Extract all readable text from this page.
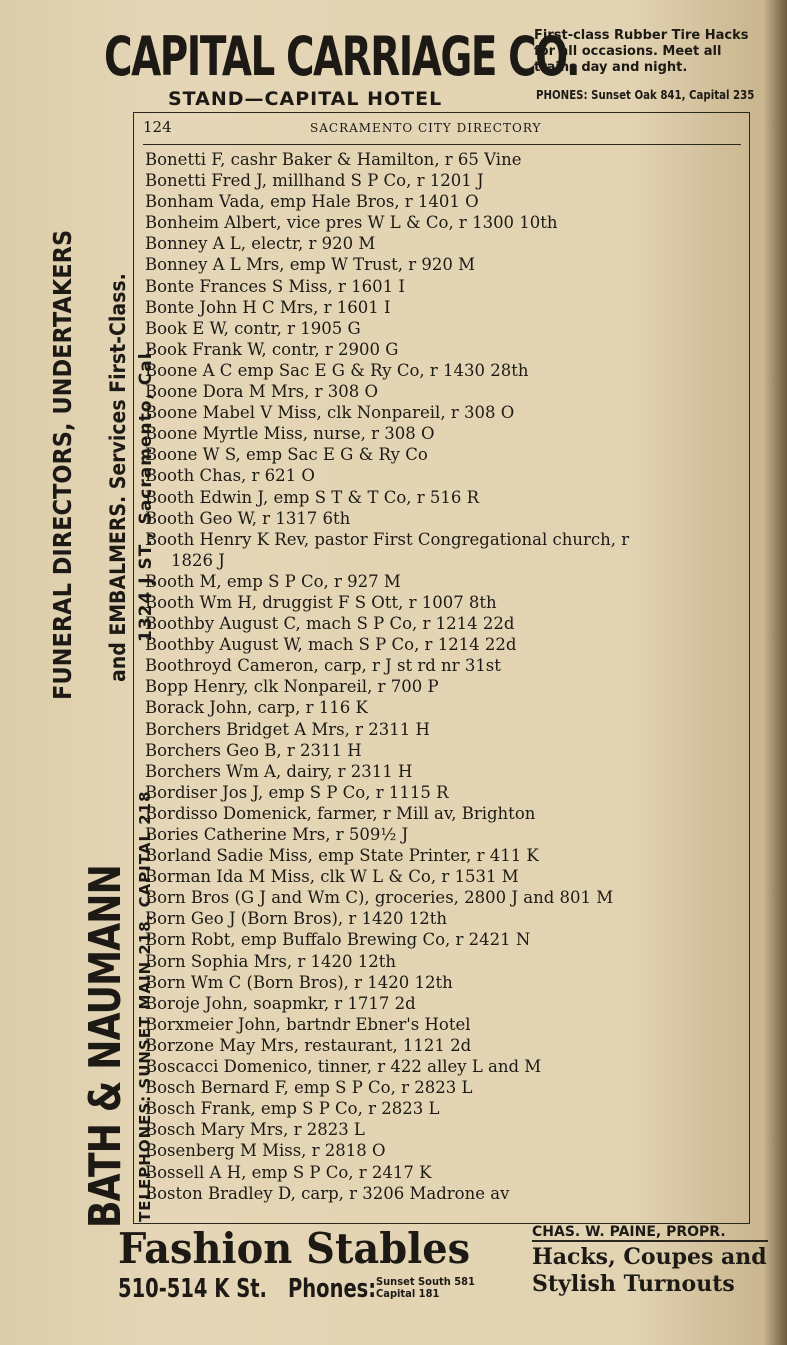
CAPITAL CARRIAGE CO.
STAND—CAPITAL HOTEL
First-class Rubber Tire Hacks
for all occasions. Meet all
trains day and night.
PHONES: Sunset Oak 841, Capital 235
124	SACRAMENTO CITY DIRECTORY
Bonetti F, cashr Baker & Hamilton, r 65 Vine
Bonetti Fred J, millhand S P Co, r 1201 J
Bonham Vada, emp Hale Bros, r 1401 O
Bonheim Albert, vice pres W L & Co, r 1300 10th
Bonney A L, electr, r 920 M
Bonney A L Mrs, emp W Trust, r 920 M
Bonte Frances S Miss, r 1601 I
Bonte John H C Mrs, r 1601 I
Book E W, contr, r 1905 G
Book Frank W, contr, r 2900 G
Boone A C emp Sac E G & Ry Co, r 1430 28th
Boone Dora M Mrs, r 308 O
Boone Mabel V Miss, clk Nonpareil, r 308 O
Boone Myrtle Miss, nurse, r 308 O
Boone W S, emp Sac E G & Ry Co
Booth Chas, r 621 O
Booth Edwin J, emp S T & T Co, r 516 R
Booth Geo W, r 1317 6th
Booth Henry K Rev, pastor First Congregational church, r
1826 J
Booth M, emp S P Co, r 927 M
Booth Wm H, druggist F S Ott, r 1007 8th
Boothby August C, mach S P Co, r 1214 22d
Boothby August W, mach S P Co, r 1214 22d
Boothroyd Cameron, carp, r J st rd nr 31st
Bopp Henry, clk Nonpareil, r 700 P
Borack John, carp, r 116 K
Borchers Bridget A Mrs, r 2311 H
Borchers Geo B, r 2311 H
Borchers Wm A, dairy, r 2311 H
Bordiser Jos J, emp S P Co, r 1115 R
Bordisso Domenick, farmer, r Mill av, Brighton
Bories Catherine Mrs, r 509½ J
Borland Sadie Miss, emp State Printer, r 411 K
Borman Ida M Miss, clk W L & Co, r 1531 M
Born Bros (G J and Wm C), groceries, 2800 J and 801 M
Born Geo J (Born Bros), r 1420 12th
Born Robt, emp Buffalo Brewing Co, r 2421 N
Born Sophia Mrs, r 1420 12th
Born Wm C (Born Bros), r 1420 12th
Boroje John, soapmkr, r 1717 2d
Borxmeier John, bartndr Ebner's Hotel
Borzone May Mrs, restaurant, 1121 2d
Boscacci Domenico, tinner, r 422 alley L and M
Bosch Bernard F, emp S P Co, r 2823 L
Bosch Frank, emp S P Co, r 2823 L
Bosch Mary Mrs, r 2823 L
Bosenberg M Miss, r 2818 O
Bossell A H, emp S P Co, r 2417 K
Boston Bradley D, carp, r 3206 Madrone av
BATH & NAUMANN TELEPHONES: SUNSET MAIN 218, CAPITAL 218
FUNERAL DIRECTORS, UNDERTAKERS and EMBALMERS. Services First-Class. 1324 J ST., Sacramento, Cal.
Fashion Stables
510-514 K St. Phones: Sunset South 581
Capital 181
CHAS. W. PAINE, PROPR.
Hacks, Coupes and
Stylish Turnouts
